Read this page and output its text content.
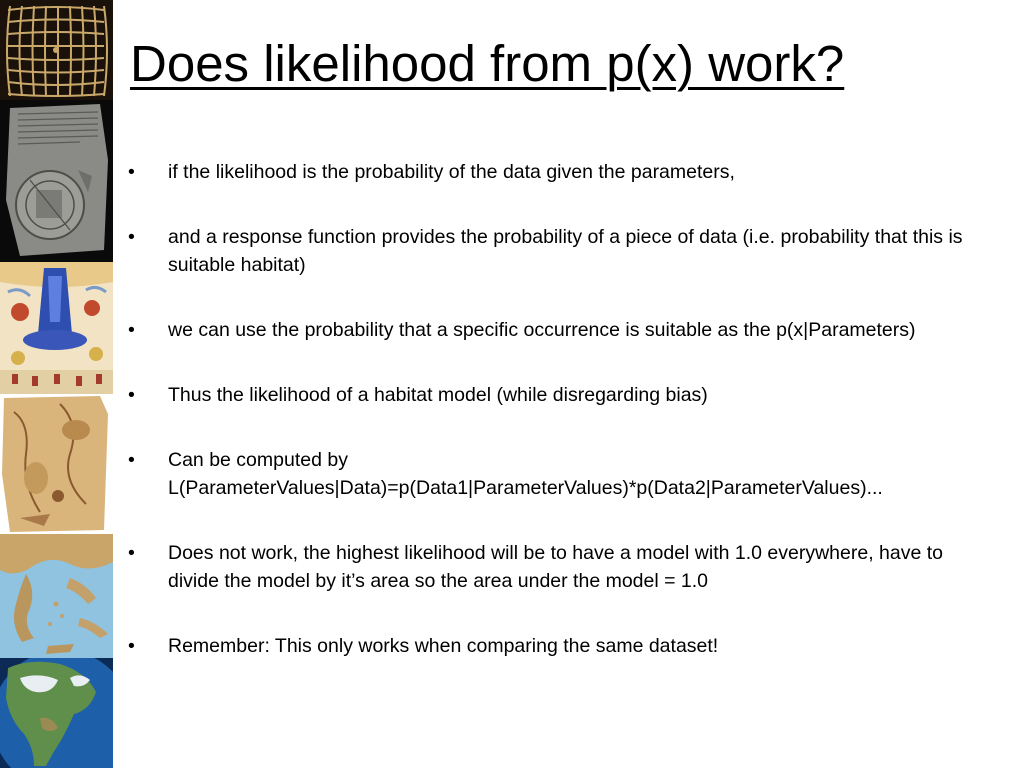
Does likelihood from p(x) work?
•	if the likelihood is the probability of the data given the parameters,
•	and a response function provides the probability of a piece of data (i.e. probability that this is suitable habitat)
•	we can use the probability that a specific occurrence is suitable as the p(x|Parameters)
•	Thus the likelihood of a habitat model (while disregarding bias)
•	Can be computed by L(ParameterValues|Data)=p(Data1|ParameterValues)*p(Data2|ParameterValues)...
•	Does not work, the highest likelihood will be to have a model with 1.0 everywhere, have to divide the model by it’s area so the area under the model = 1.0
•	Remember: This only works when comparing the same dataset!
